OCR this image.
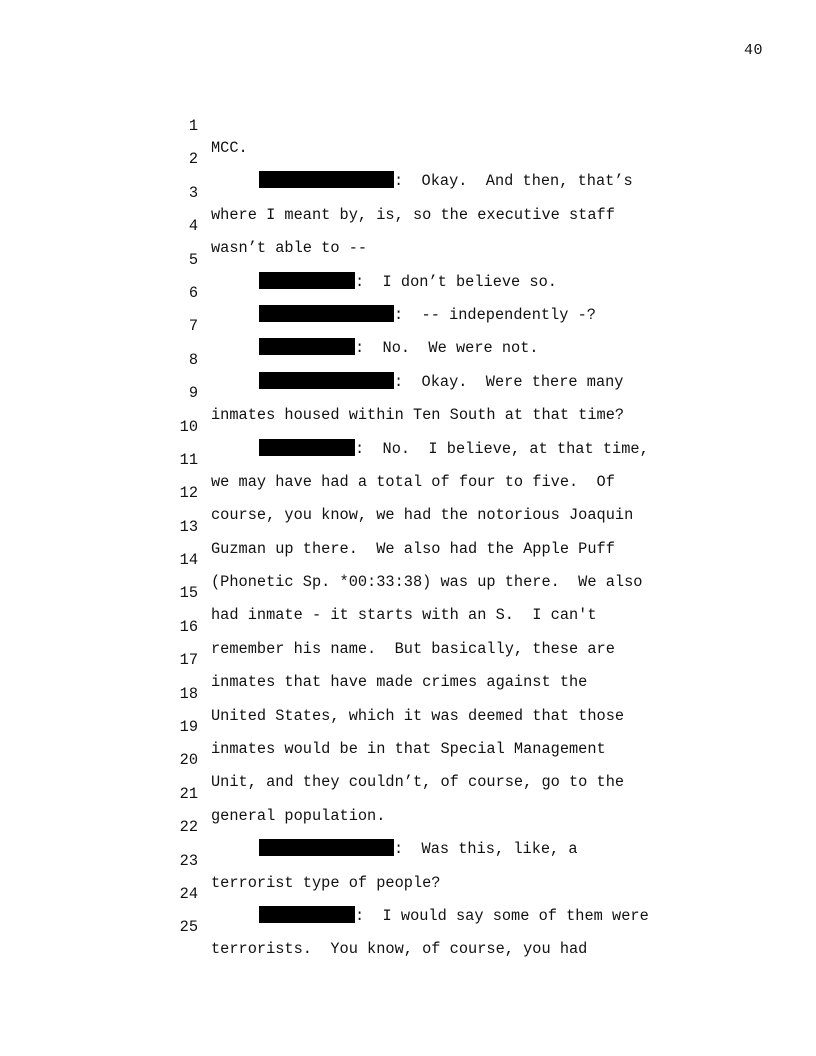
40

1

MCC.

2

:  Okay.  And then, that’s

3

where I meant by, is, so the executive staff

4

wasn’t able to --

5

:  I don’t believe so.

6

:  -- independently -?

7

:  No.  We were not.

8

:  Okay.  Were there many

9

inmates housed within Ten South at that time?

10

:  No.  I believe, at that time,

11

we may have had a total of four to five.  Of

12

course, you know, we had the notorious Joaquin

13

Guzman up there.  We also had the Apple Puff

14

(Phonetic Sp. *00:33:38) was up there.  We also

15

had inmate - it starts with an S.  I can't

16

remember his name.  But basically, these are

17

inmates that have made crimes against the

18

United States, which it was deemed that those

19

inmates would be in that Special Management

20

Unit, and they couldn’t, of course, go to the

21

general population.

22

:  Was this, like, a

23

terrorist type of people?

24

:  I would say some of them were

25

terrorists.  You know, of course, you had
